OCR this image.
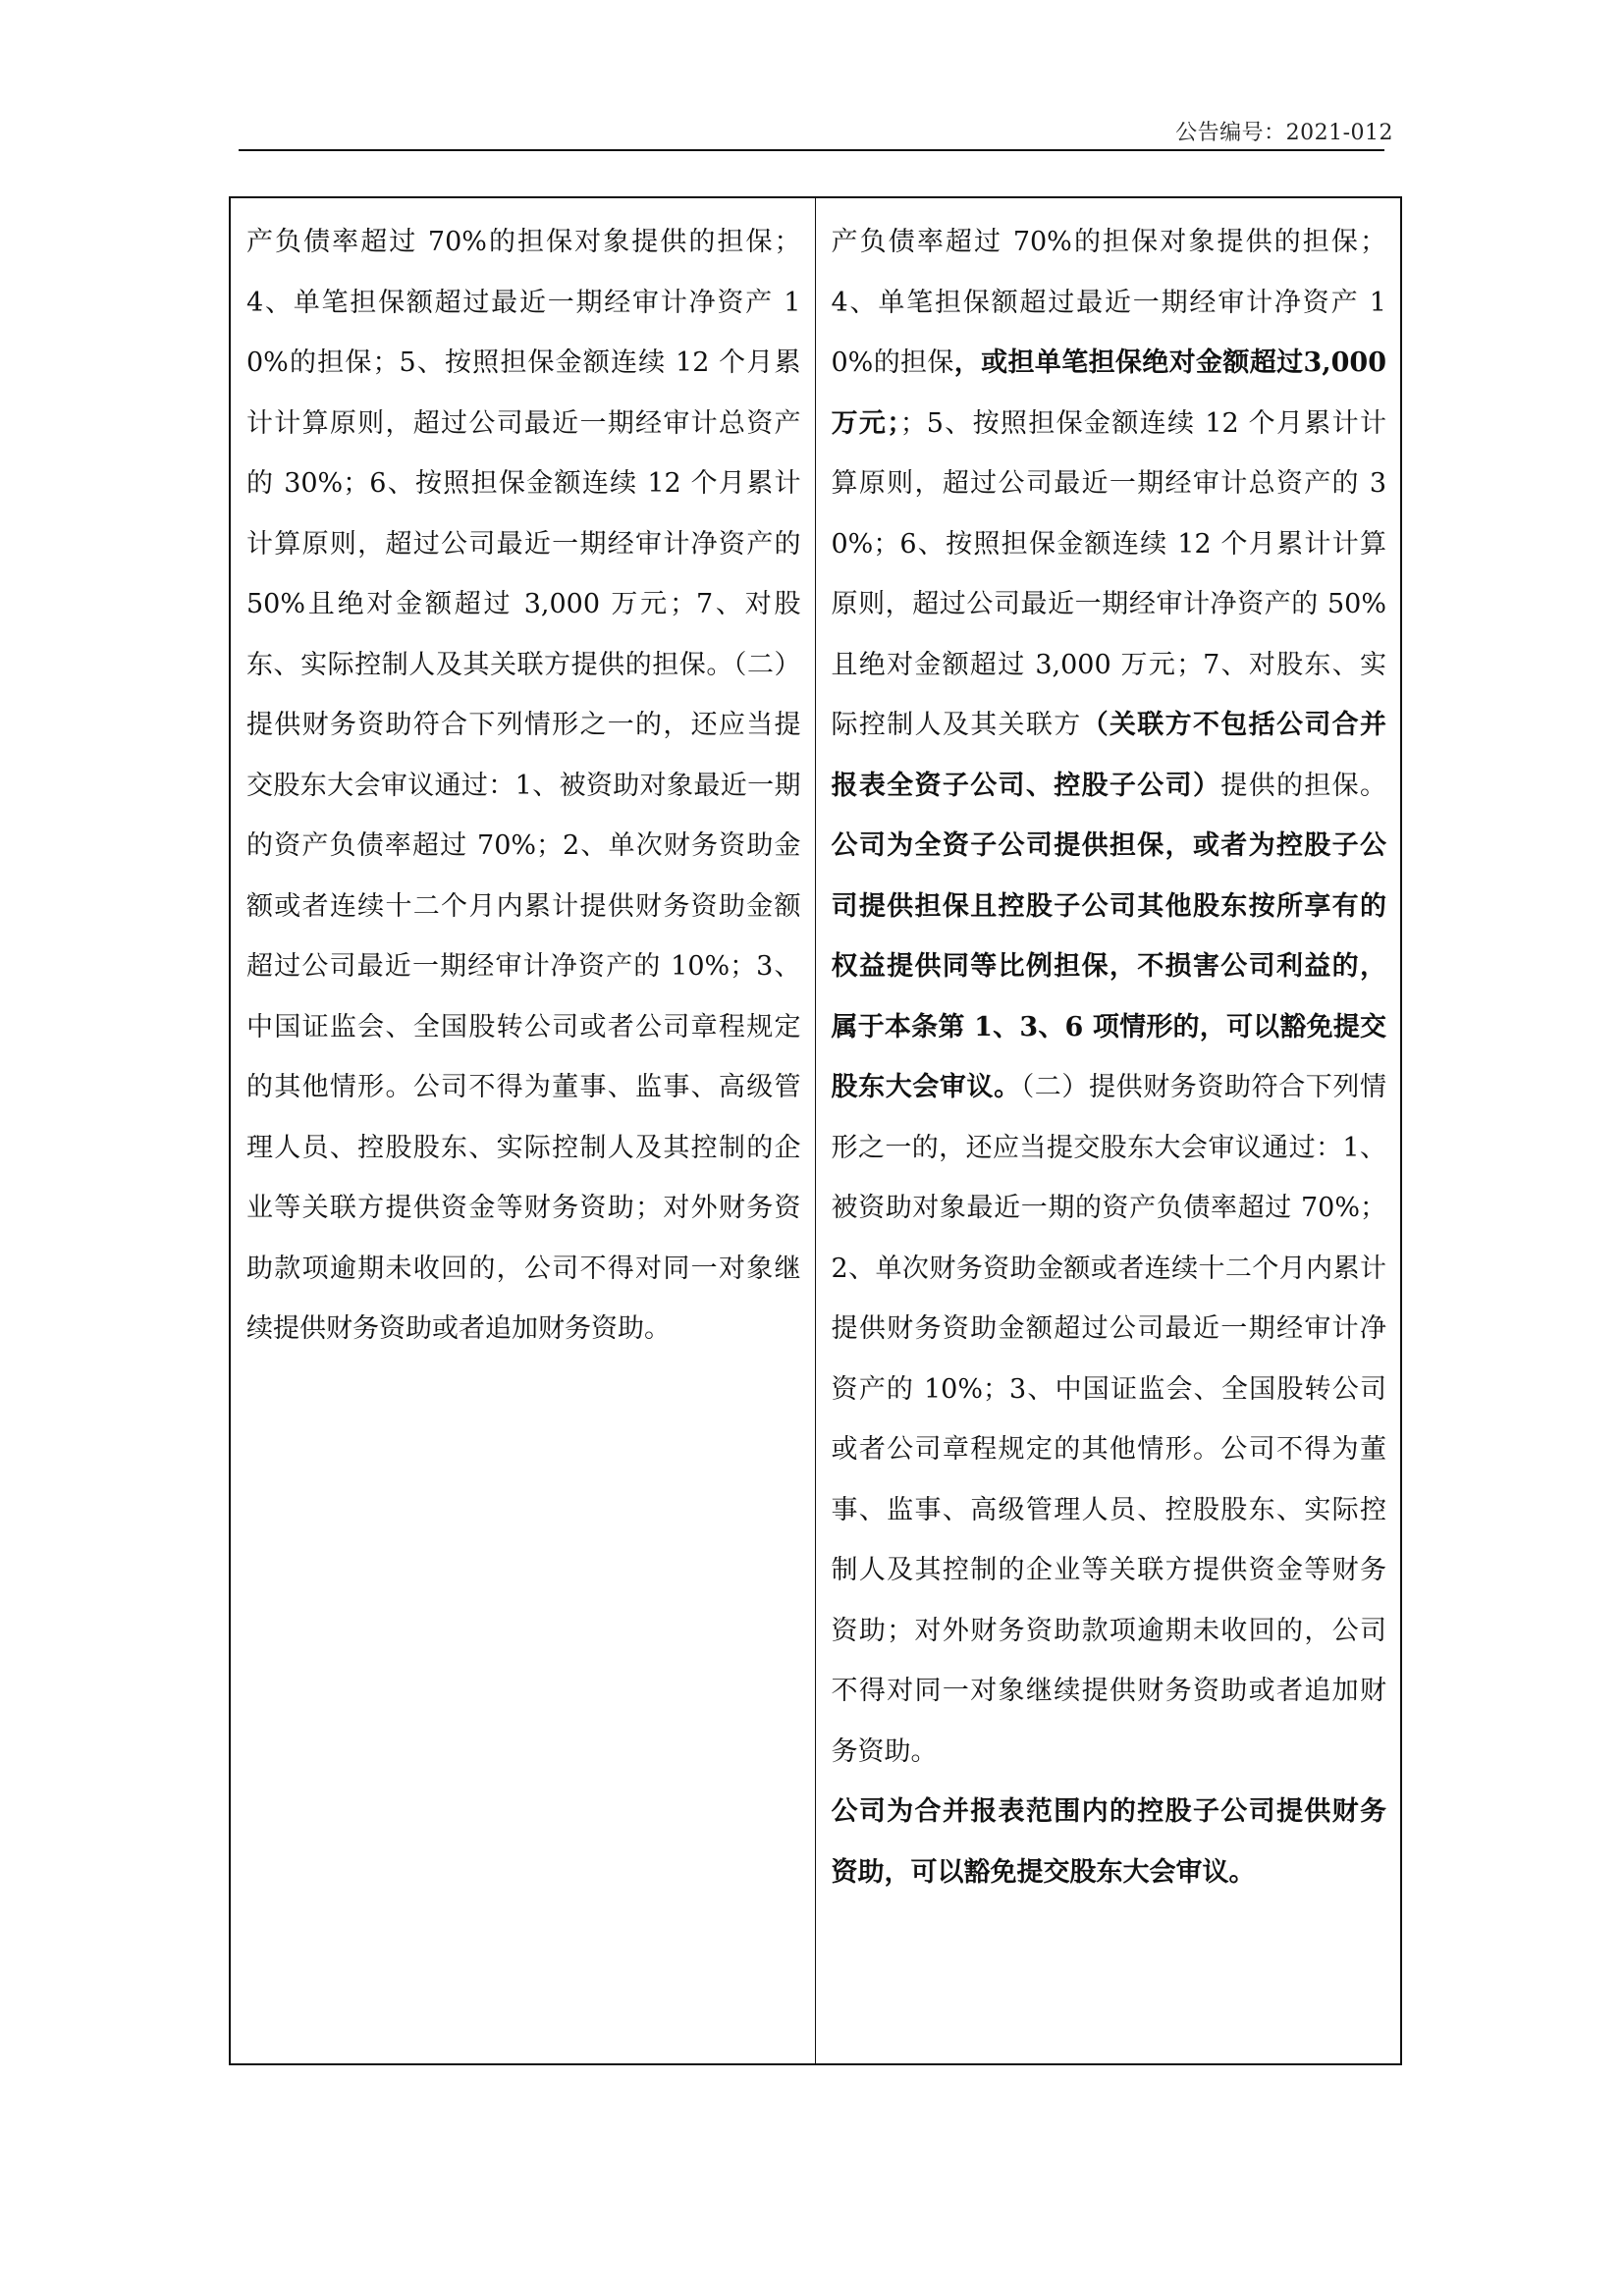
公告编号：2021-012

产负债率超过 70%的担保对象提供的担保；4、单笔担保额超过最近一期经审计净资产 10%的担保；5、按照担保金额连续 12 个月累计计算原则，超过公司最近一期经审计总资产的 30%；6、按照担保金额连续 12 个月累计计算原则，超过公司最近一期经审计净资产的 50%且绝对金额超过 3,000 万元；7、对股东、实际控制人及其关联方提供的担保。（二）提供财务资助符合下列情形之一的，还应当提交股东大会审议通过：1、被资助对象最近一期的资产负债率超过 70%；2、单次财务资助金额或者连续十二个月内累计提供财务资助金额超过公司最近一期经审计净资产的 10%；3、中国证监会、全国股转公司或者公司章程规定的其他情形。公司不得为董事、监事、高级管理人员、控股股东、实际控制人及其控制的企业等关联方提供资金等财务资助；对外财务资助款项逾期未收回的，公司不得对同一对象继续提供财务资助或者追加财务资助。

产负债率超过 70%的担保对象提供的担保；4、单笔担保额超过最近一期经审计净资产 10%的担保，或担单笔担保绝对金额超过3,000 万元；；5、按照担保金额连续 12 个月累计计算原则，超过公司最近一期经审计总资产的 30%；6、按照担保金额连续 12 个月累计计算原则，超过公司最近一期经审计净资产的 50%且绝对金额超过 3,000 万元；7、对股东、实际控制人及其关联方（关联方不包括公司合并报表全资子公司、控股子公司）提供的担保。公司为全资子公司提供担保，或者为控股子公司提供担保且控股子公司其他股东按所享有的权益提供同等比例担保，不损害公司利益的，属于本条第 1、3、6 项情形的，可以豁免提交股东大会审议。（二）提供财务资助符合下列情形之一的，还应当提交股东大会审议通过：1、被资助对象最近一期的资产负债率超过 70%；2、单次财务资助金额或者连续十二个月内累计提供财务资助金额超过公司最近一期经审计净资产的 10%；3、中国证监会、全国股转公司或者公司章程规定的其他情形。公司不得为董事、监事、高级管理人员、控股股东、实际控制人及其控制的企业等关联方提供资金等财务资助；对外财务资助款项逾期未收回的，公司不得对同一对象继续提供财务资助或者追加财务资助。

公司为合并报表范围内的控股子公司提供财务资助，可以豁免提交股东大会审议。
